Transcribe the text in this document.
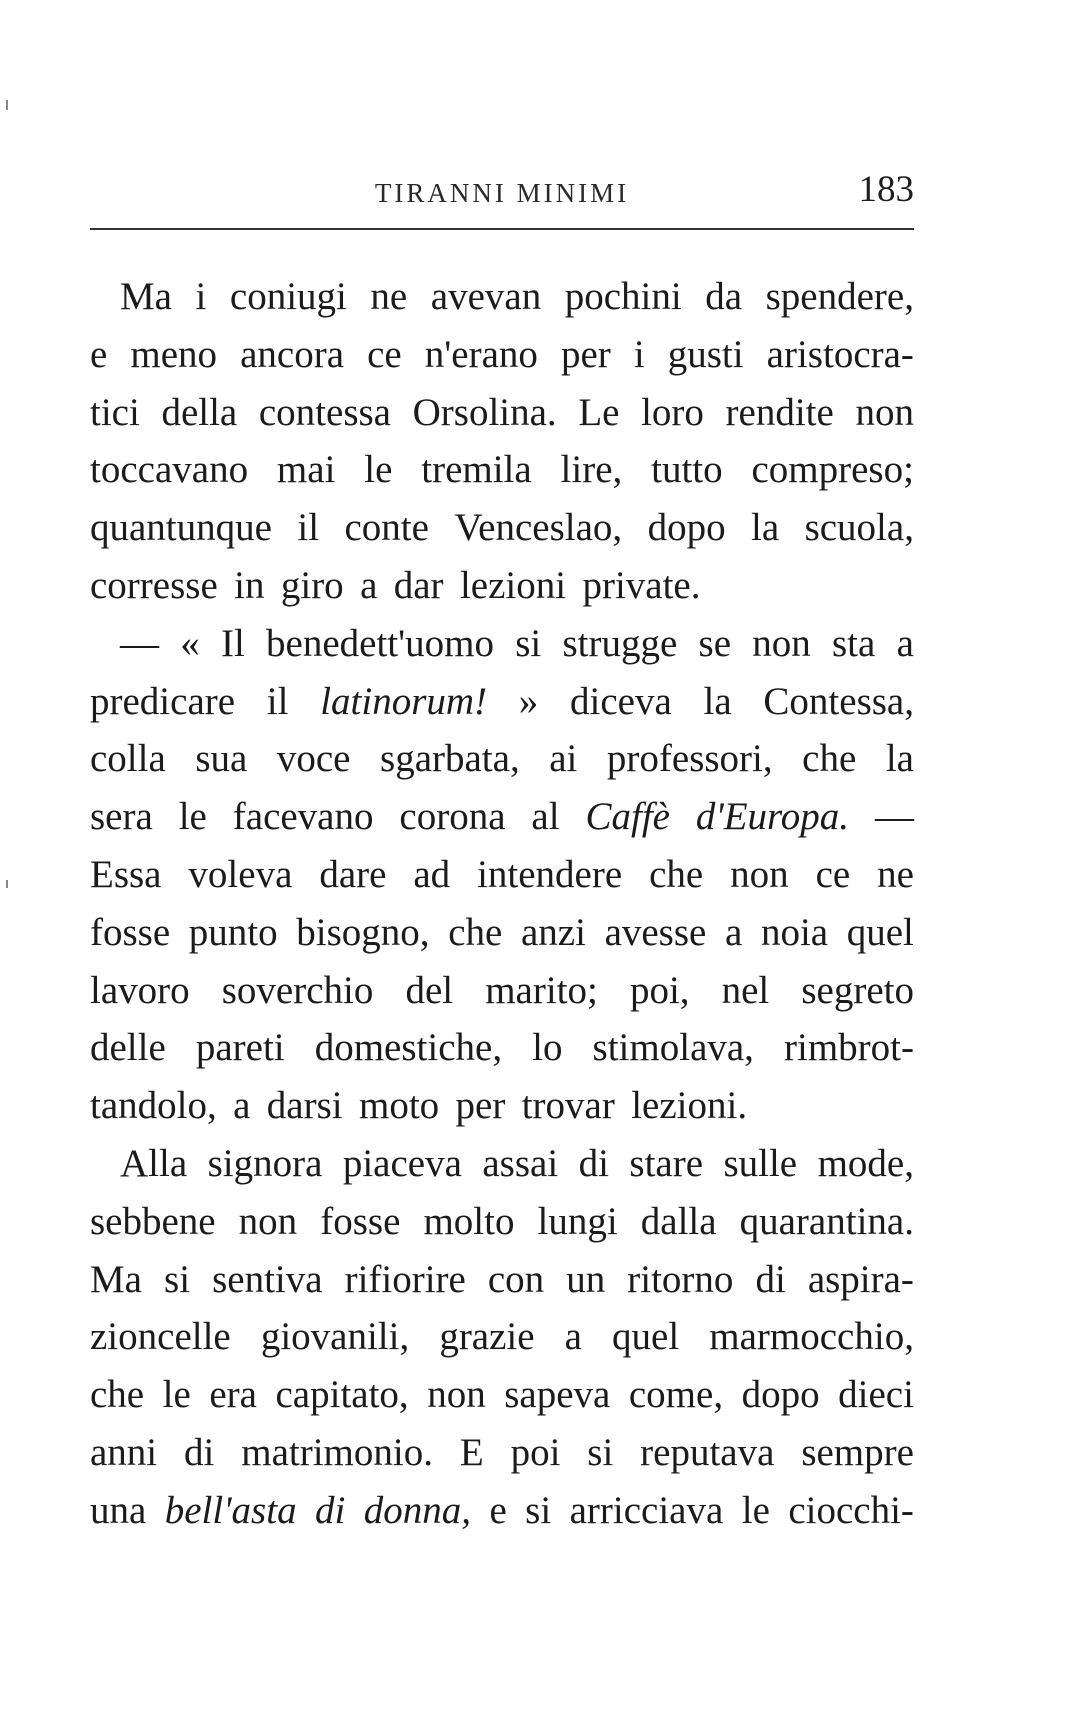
TIRANNI MINIMI	183
Ma i coniugi ne avevan pochini da spendere,
e meno ancora ce n'erano per i gusti aristocra-
tici della contessa Orsolina. Le loro rendite non
toccavano mai le tremila lire, tutto compreso;
quantunque il conte Venceslao, dopo la scuola,
corresse in giro a dar lezioni private.
— « Il benedett'uomo si strugge se non sta a
predicare il latinorum! » diceva la Contessa,
colla sua voce sgarbata, ai professori, che la
sera le facevano corona al Caffè d'Europa. —
Essa voleva dare ad intendere che non ce ne
fosse punto bisogno, che anzi avesse a noia quel
lavoro soverchio del marito; poi, nel segreto
delle pareti domestiche, lo stimolava, rimbrot-
tandolo, a darsi moto per trovar lezioni.
Alla signora piaceva assai di stare sulle mode,
sebbene non fosse molto lungi dalla quarantina.
Ma si sentiva rifiorire con un ritorno di aspira-
zioncelle giovanili, grazie a quel marmocchio,
che le era capitato, non sapeva come, dopo dieci
anni di matrimonio. E poi si reputava sempre
una bell'asta di donna, e si arricciava le ciocchi-
